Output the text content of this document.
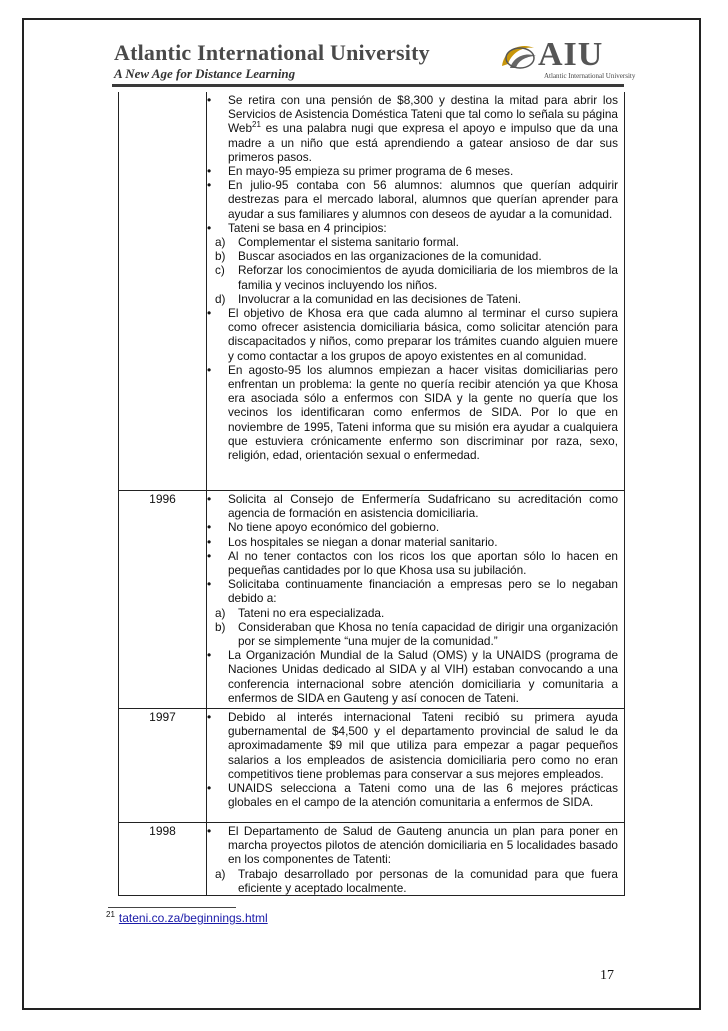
Atlantic International University
A New Age for Distance Learning
AIU
Atlantic International University
1996
1997
1998
• Se retira con una pensión de $8,300 y destina la mitad para abrir los Servicios de Asistencia Doméstica Tateni que tal como lo señala su página Web$^{21}$ es una palabra nugi que expresa el apoyo e impulso que da una madre a un niño que está aprendiendo a gatear ansioso de dar sus primeros pasos.
• En mayo-95 empieza su primer programa de 6 meses.
• En julio-95 contaba con 56 alumnos: alumnos que querían adquirir destrezas para el mercado laboral, alumnos que querían aprender para ayudar a sus familiares y alumnos con deseos de ayudar a la comunidad.
• Tateni se basa en 4 principios:
a) Complementar el sistema sanitario formal.
b) Buscar asociados en las organizaciones de la comunidad.
c) Reforzar los conocimientos de ayuda domiciliaria de los miembros de la familia y vecinos incluyendo los niños.
d) Involucrar a la comunidad en las decisiones de Tateni.
• El objetivo de Khosa era que cada alumno al terminar el curso supiera como ofrecer asistencia domiciliaria básica, como solicitar atención para discapacitados y niños, como preparar los trámites cuando alguien muere y como contactar a los grupos de apoyo existentes en al comunidad.
• En agosto-95 los alumnos empiezan a hacer visitas domiciliarias pero enfrentan un problema: la gente no quería recibir atención ya que Khosa era asociada sólo a enfermos con SIDA y la gente no quería que los vecinos los identificaran como enfermos de SIDA. Por lo que en noviembre de 1995, Tateni informa que su misión era ayudar a cualquiera que estuviera crónicamente enfermo son discriminar por raza, sexo, religión, edad, orientación sexual o enfermedad.
• Solicita al Consejo de Enfermería Sudafricano su acreditación como agencia de formación en asistencia domiciliaria.
• No tiene apoyo económico del gobierno.
• Los hospitales se niegan a donar material sanitario.
• Al no tener contactos con los ricos los que aportan sólo lo hacen en pequeñas cantidades por lo que Khosa usa su jubilación.
• Solicitaba continuamente financiación a empresas pero se lo negaban debido a:
a) Tateni no era especializada.
b) Consideraban que Khosa no tenía capacidad de dirigir una organización por se simplemente “una mujer de la comunidad.”
• La Organización Mundial de la Salud (OMS) y la UNAIDS (programa de Naciones Unidas dedicado al SIDA y al VIH) estaban convocando a una conferencia internacional sobre atención domiciliaria y comunitaria a enfermos de SIDA en Gauteng y así conocen de Tateni.
• Debido al interés internacional Tateni recibió su primera ayuda gubernamental de $4,500 y el departamento provincial de salud le da aproximadamente $9 mil que utiliza para empezar a pagar pequeños salarios a los empleados de asistencia domiciliaria pero como no eran competitivos tiene problemas para conservar a sus mejores empleados.
• UNAIDS selecciona a Tateni como una de las 6 mejores prácticas globales en el campo de la atención comunitaria a enfermos de SIDA.
• El Departamento de Salud de Gauteng anuncia un plan para poner en marcha proyectos pilotos de atención domiciliaria en 5 localidades basado en los componentes de Tatenti:
a) Trabajo desarrollado por personas de la comunidad para que fuera eficiente y aceptado localmente.
$^{21}$ tateni.co.za/beginnings.html
17
